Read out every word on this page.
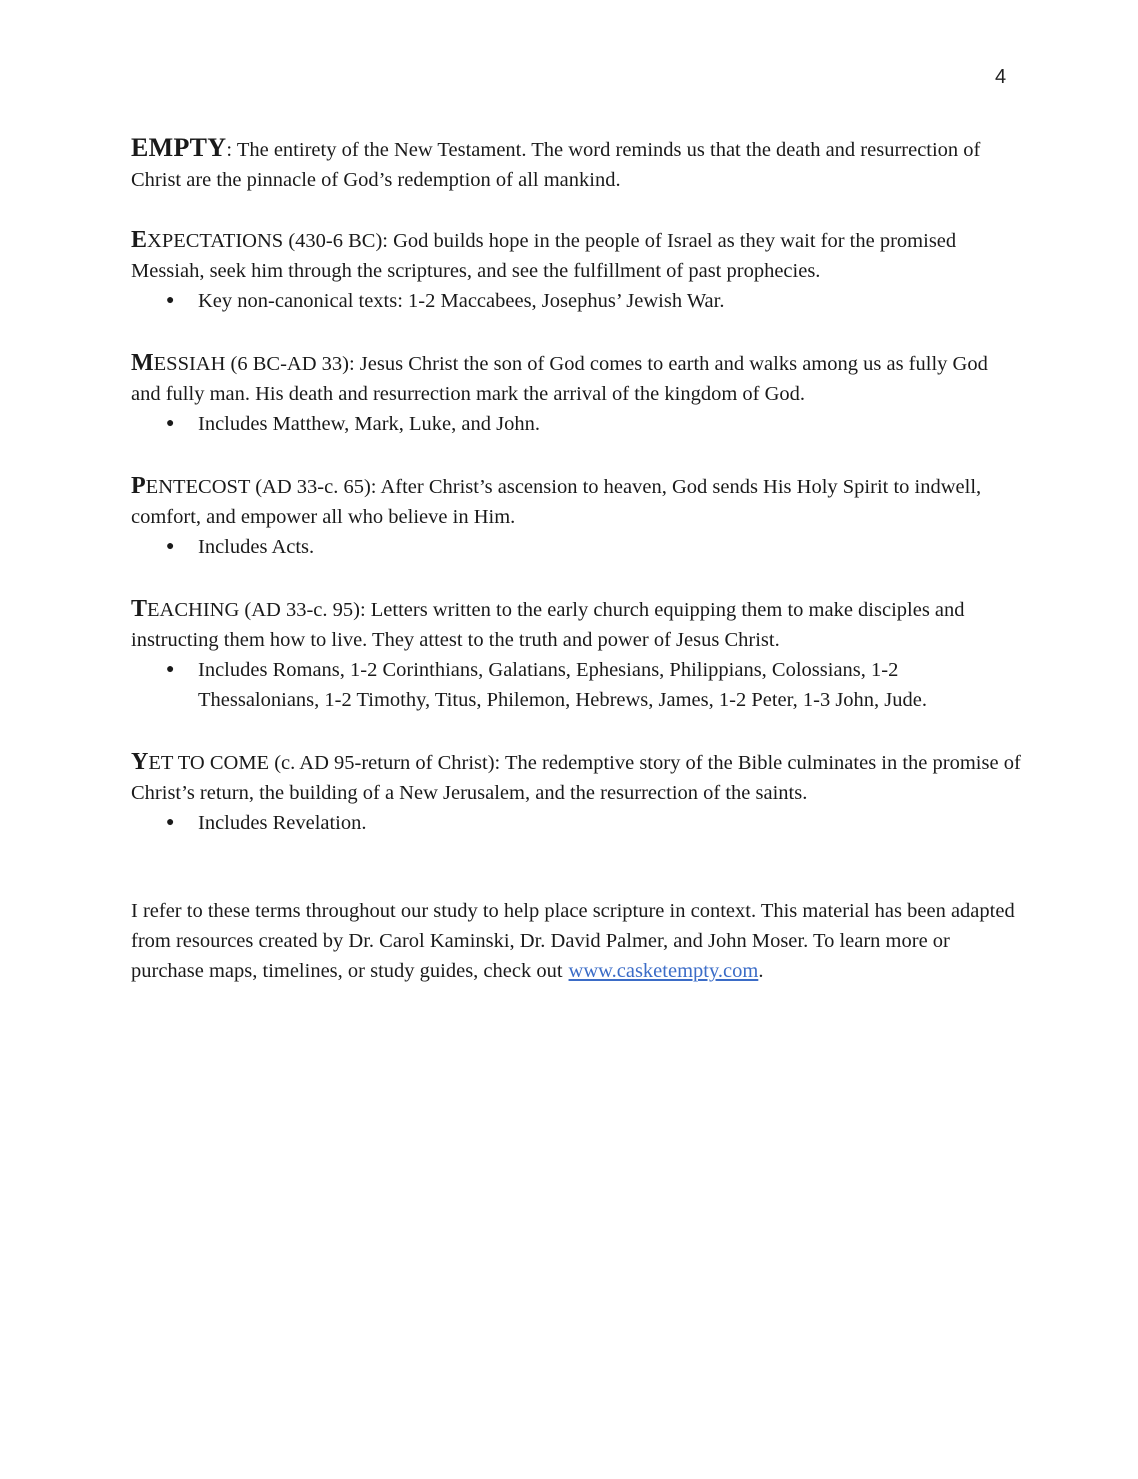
4

EMPTY: The entirety of the New Testament. The word reminds us that the death and resurrection of Christ are the pinnacle of God’s redemption of all mankind.

EXPECTATIONS (430-6 BC): God builds hope in the people of Israel as they wait for the promised Messiah, seek him through the scriptures, and see the fulfillment of past prophecies.

● Key non-canonical texts: 1-2 Maccabees, Josephus’ Jewish War.

MESSIAH (6 BC-AD 33): Jesus Christ the son of God comes to earth and walks among us as fully God and fully man. His death and resurrection mark the arrival of the kingdom of God.

● Includes Matthew, Mark, Luke, and John.

PENTECOST (AD 33-c. 65): After Christ’s ascension to heaven, God sends His Holy Spirit to indwell, comfort, and empower all who believe in Him.

● Includes Acts.

TEACHING (AD 33-c. 95): Letters written to the early church equipping them to make disciples and instructing them how to live. They attest to the truth and power of Jesus Christ.

● Includes Romans, 1-2 Corinthians, Galatians, Ephesians, Philippians, Colossians, 1-2 Thessalonians, 1-2 Timothy, Titus, Philemon, Hebrews, James, 1-2 Peter, 1-3 John, Jude.

YET TO COME (c. AD 95-return of Christ): The redemptive story of the Bible culminates in the promise of Christ’s return, the building of a New Jerusalem, and the resurrection of the saints.

● Includes Revelation.

I refer to these terms throughout our study to help place scripture in context. This material has been adapted from resources created by Dr. Carol Kaminski, Dr. David Palmer, and John Moser. To learn more or purchase maps, timelines, or study guides, check out www.casketempty.com.
